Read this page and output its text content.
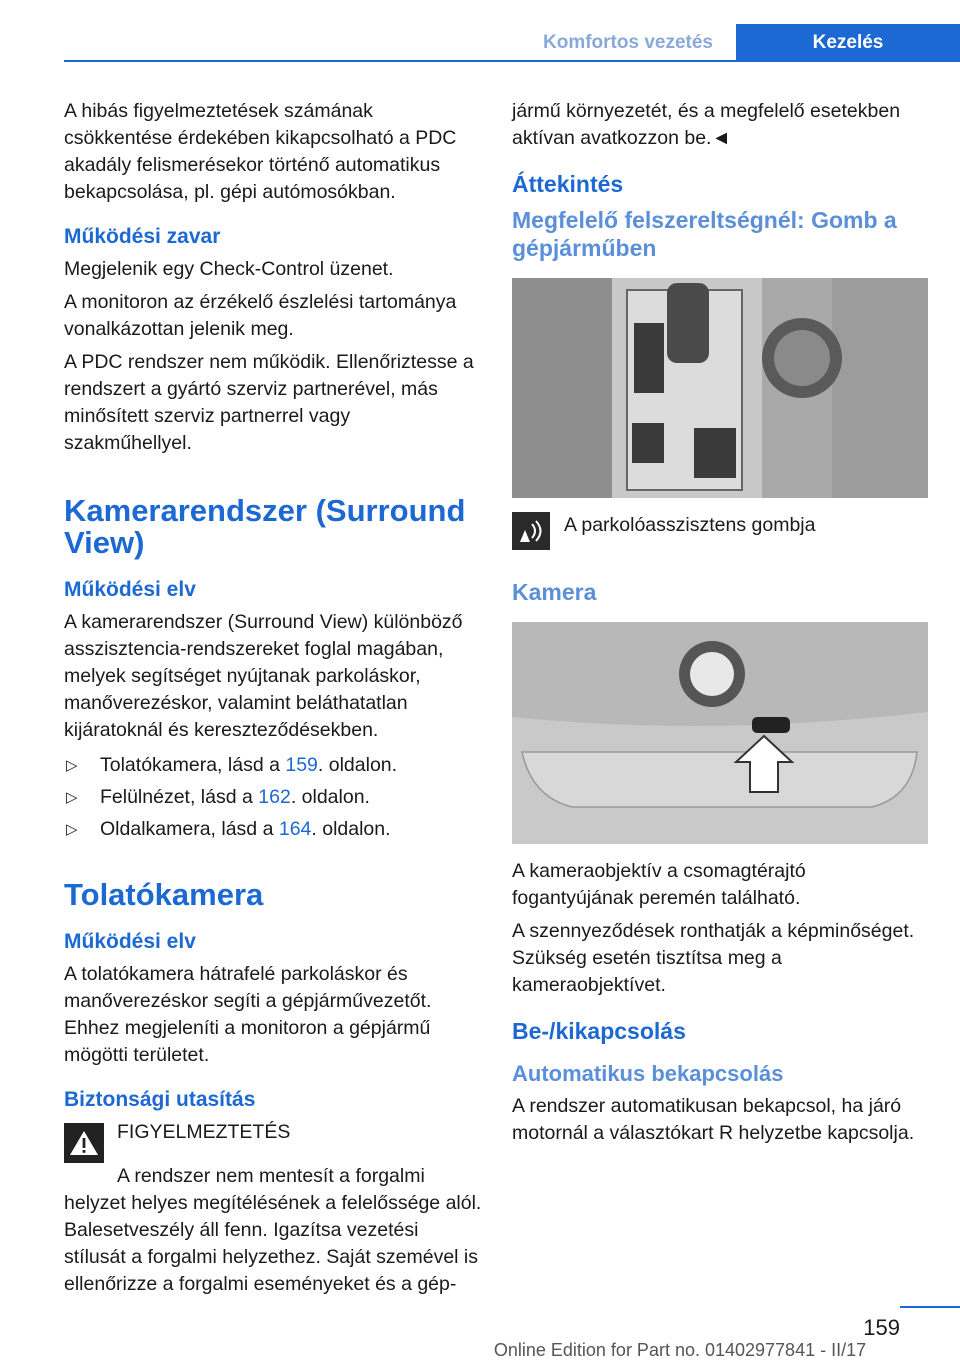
Komfortos vezetés	Kezelés

A hibás figyelmeztetések számának csökkentése érdekében kikapcsolható a PDC akadály felismerésekor történő automatikus bekapcsolása, pl. gépi autómosókban.

Működési zavar

Megjelenik egy Check-Control üzenet.

A monitoron az érzékelő észlelési tartománya vonalkázottan jelenik meg.

A PDC rendszer nem működik. Ellenőriztesse a rendszert a gyártó szerviz partnerével, más minősített szerviz partnerrel vagy szakműhellyel.

Kamerarendszer (Surround View)
Működési elv

A kamerarendszer (Surround View) különböző asszisztencia-rendszereket foglal magában, melyek segítséget nyújtanak parkoláskor, manőverezéskor, valamint beláthatatlan kijáratoknál és kereszteződésekben.

▷ Tolatókamera, lásd a 159. oldalon.
▷ Felülnézet, lásd a 162. oldalon.
▷ Oldalkamera, lásd a 164. oldalon.
Tolatókamera
Működési elv

A tolatókamera hátrafelé parkoláskor és manőverezéskor segíti a gépjárművezetőt. Ehhez megjeleníti a monitoron a gépjármű mögötti területet.

Biztonsági utasítás
FIGYELMEZTETÉS

A rendszer nem mentesít a forgalmi helyzet helyes megítélésének a felelőssége alól. Balesetveszély áll fenn. Igazítsa vezetési stílusát a forgalmi helyzethez. Saját szemével is ellenőrizze a forgalmi eseményeket és a gép-

jármű környezetét, és a megfelelő esetekben aktívan avatkozzon be.◄

Áttekintés
Megfelelő felszereltségnél: Gomb a gépjárműben
A parkolóasszisztens gombja
Kamera

A kameraobjektív a csomagtérajtó fogantyújának peremén található.

A szennyeződések ronthatják a képminőséget. Szükség esetén tisztítsa meg a kameraobjektívet.

Be-/kikapcsolás
Automatikus bekapcsolás

A rendszer automatikusan bekapcsol, ha járó motornál a választókart R helyzetbe kapcsolja.

159
Online Edition for Part no. 01402977841 - II/17
